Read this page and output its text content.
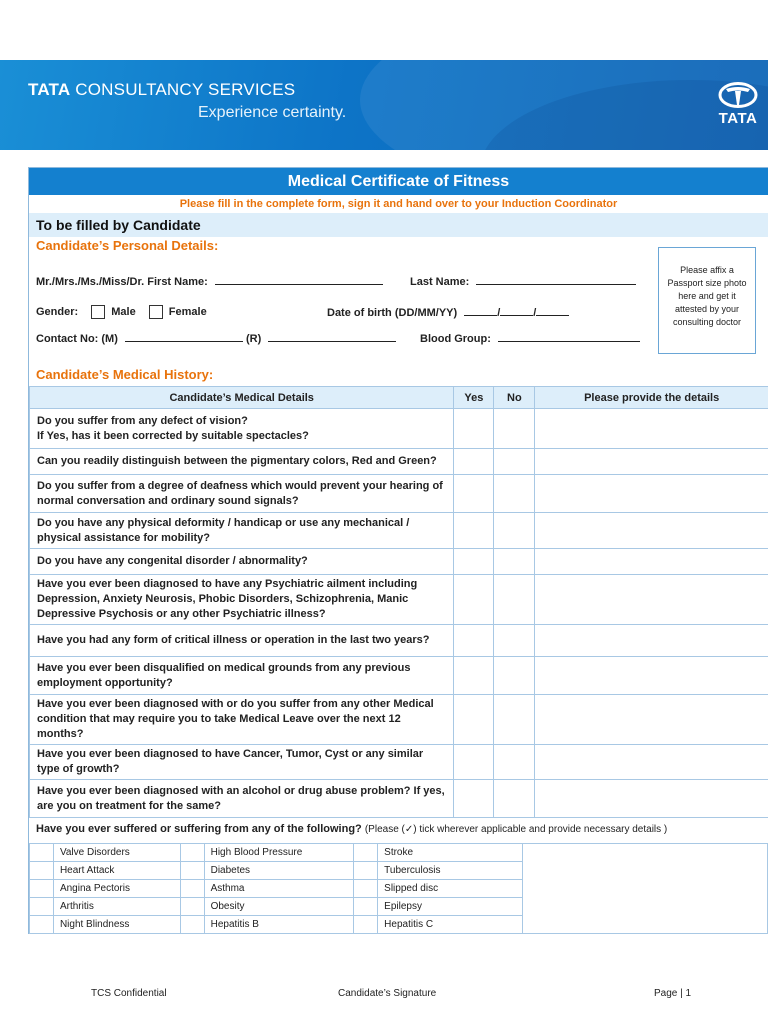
TATA CONSULTANCY SERVICES
Experience certainty.	TATA
Medical Certificate of Fitness
Please fill in the complete form, sign it and hand over to your Induction Coordinator
To be filled by Candidate
Candidate’s Personal Details:
Mr./Mrs./Ms./Miss/Dr. First Name:	Last Name:
Gender:	Male	Female	Date of birth (DD/MM/YY)	/	/
Contact No: (M)	(R)	Blood Group:
Please affix a Passport size photo here and get it attested by your consulting doctor
Candidate’s Medical History:
Candidate’s Medical Details	Yes	No	Please provide the details
Do you suffer from any defect of vision?
If Yes, has it been corrected by suitable spectacles?			
Can you readily distinguish between the pigmentary colors, Red and Green?			
Do you suffer from a degree of deafness which would prevent your hearing of normal conversation and ordinary sound signals?			
Do you have any physical deformity / handicap or use any mechanical / physical assistance for mobility?			
Do you have any congenital disorder / abnormality?			
Have you ever been diagnosed to have any Psychiatric ailment including Depression, Anxiety Neurosis, Phobic Disorders, Schizophrenia, Manic Depressive Psychosis or any other Psychiatric illness?			
Have you had any form of critical illness or operation in the last two years?			
Have you ever been disqualified on medical grounds from any previous employment opportunity?			
Have you ever been diagnosed with or do you suffer from any other Medical condition that may require you to take Medical Leave over the next 12 months?			
Have you ever been diagnosed to have Cancer, Tumor, Cyst or any similar type of growth?			
Have you ever been diagnosed with an alcohol or drug abuse problem? If yes, are you on treatment for the same?			
Have you ever suffered or suffering from any of the following? (Please (✓) tick wherever applicable and provide necessary details )
	Valve Disorders		High Blood Pressure		Stroke	
	Heart Attack		Diabetes		Tuberculosis	
	Angina Pectoris		Asthma		Slipped disc	
	Arthritis		Obesity		Epilepsy	
	Night Blindness		Hepatitis B		Hepatitis C	
TCS Confidential	Candidate’s Signature	Page | 1
